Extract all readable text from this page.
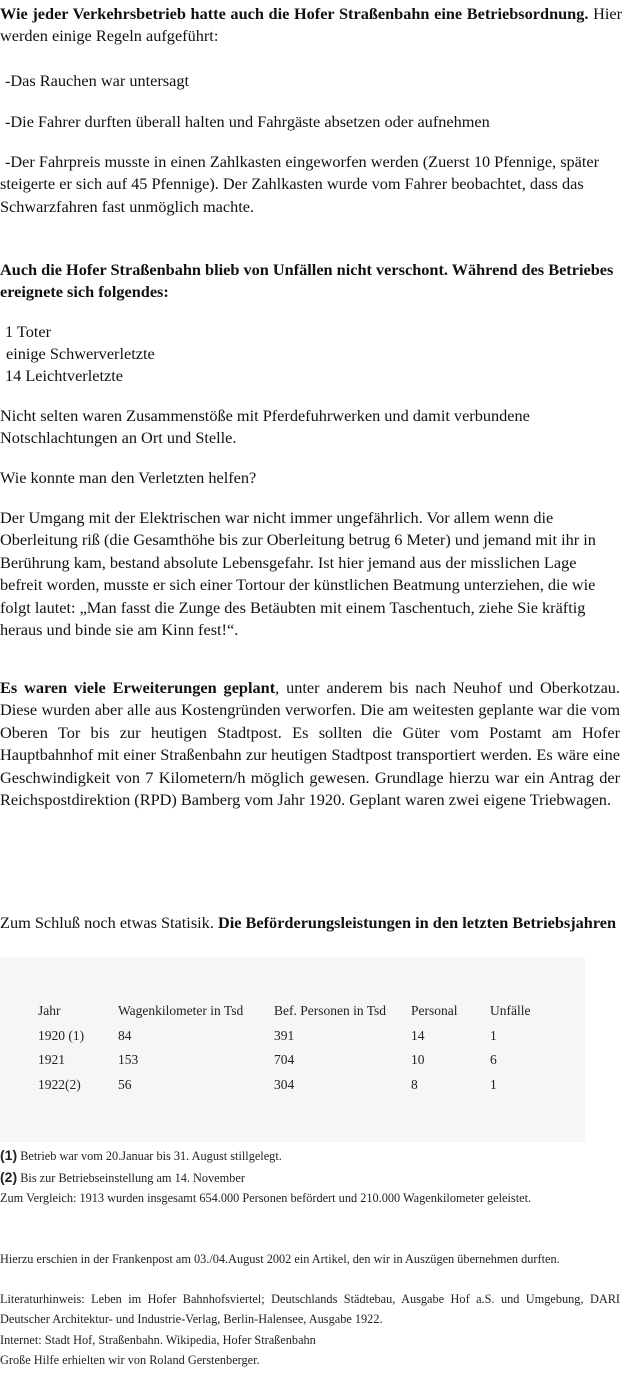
Wie jeder Verkehrsbetrieb hatte auch die Hofer Straßenbahn eine Betriebsordnung. Hier werden einige Regeln aufgeführt:

-Das Rauchen war untersagt

-Die Fahrer durften überall halten und Fahrgäste absetzen oder aufnehmen

-Der Fahrpreis musste in einen Zahlkasten eingeworfen werden (Zuerst 10 Pfennige, später steigerte er sich auf 45 Pfennige). Der Zahlkasten wurde vom Fahrer beobachtet, dass das Schwarzfahren fast unmöglich machte.

Auch die Hofer Straßenbahn blieb von Unfällen nicht verschont. Während des Betriebes ereignete sich folgendes:

1 Toter

einige Schwerverletzte

14 Leichtverletzte

Nicht selten waren Zusammenstöße mit Pferdefuhrwerken und damit verbundene Notschlachtungen an Ort und Stelle.

Wie konnte man den Verletzten helfen?

Der Umgang mit der Elektrischen war nicht immer ungefährlich. Vor allem wenn die Oberleitung riß (die Gesamthöhe bis zur Oberleitung betrug 6 Meter) und jemand mit ihr in Berührung kam, bestand absolute Lebensgefahr. Ist hier jemand aus der misslichen Lage befreit worden, musste er sich einer Tortour der künstlichen Beatmung unterziehen, die wie folgt lautet: „Man fasst die Zunge des Betäubten mit einem Taschentuch, ziehe Sie kräftig heraus und binde sie am Kinn fest!“.

Es waren viele Erweiterungen geplant, unter anderem bis nach Neuhof und Oberkotzau. Diese wurden aber alle aus Kostengründen verworfen. Die am weitesten geplante war die vom Oberen Tor bis zur heutigen Stadtpost. Es sollten die Güter vom Postamt am Hofer Hauptbahnhof mit einer Straßenbahn zur heutigen Stadtpost transportiert werden. Es wäre eine Geschwindigkeit von 7 Kilometern/h möglich gewesen. Grundlage hierzu war ein Antrag der Reichspostdirektion (RPD) Bamberg vom Jahr 1920. Geplant waren zwei eigene Triebwagen.

Zum Schluß noch etwas Statisik. Die Beförderungsleistungen in den letzten Betriebsjahren

Jahr	Wagenkilometer in Tsd	Bef. Personen in Tsd	Personal	Unfälle
1920 (1)	84	391	14	1
1921	153	704	10	6
1922(2)	56	304	8	1

(1) Betrieb war vom 20.Januar bis 31. August stillgelegt.

(2) Bis zur Betriebseinstellung am 14. November

Zum Vergleich: 1913 wurden insgesamt 654.000 Personen befördert und 210.000 Wagenkilometer geleistet.

Hierzu erschien in der Frankenpost am 03./04.August 2002 ein Artikel, den wir in Auszügen übernehmen durften.

Literaturhinweis: Leben im Hofer Bahnhofsviertel; Deutschlands Städtebau, Ausgabe Hof a.S. und Umgebung, DARI Deutscher Architektur- und Industrie-Verlag, Berlin-Halensee, Ausgabe 1922.

Internet: Stadt Hof, Straßenbahn. Wikipedia, Hofer Straßenbahn

Große Hilfe erhielten wir von Roland Gerstenberger.
